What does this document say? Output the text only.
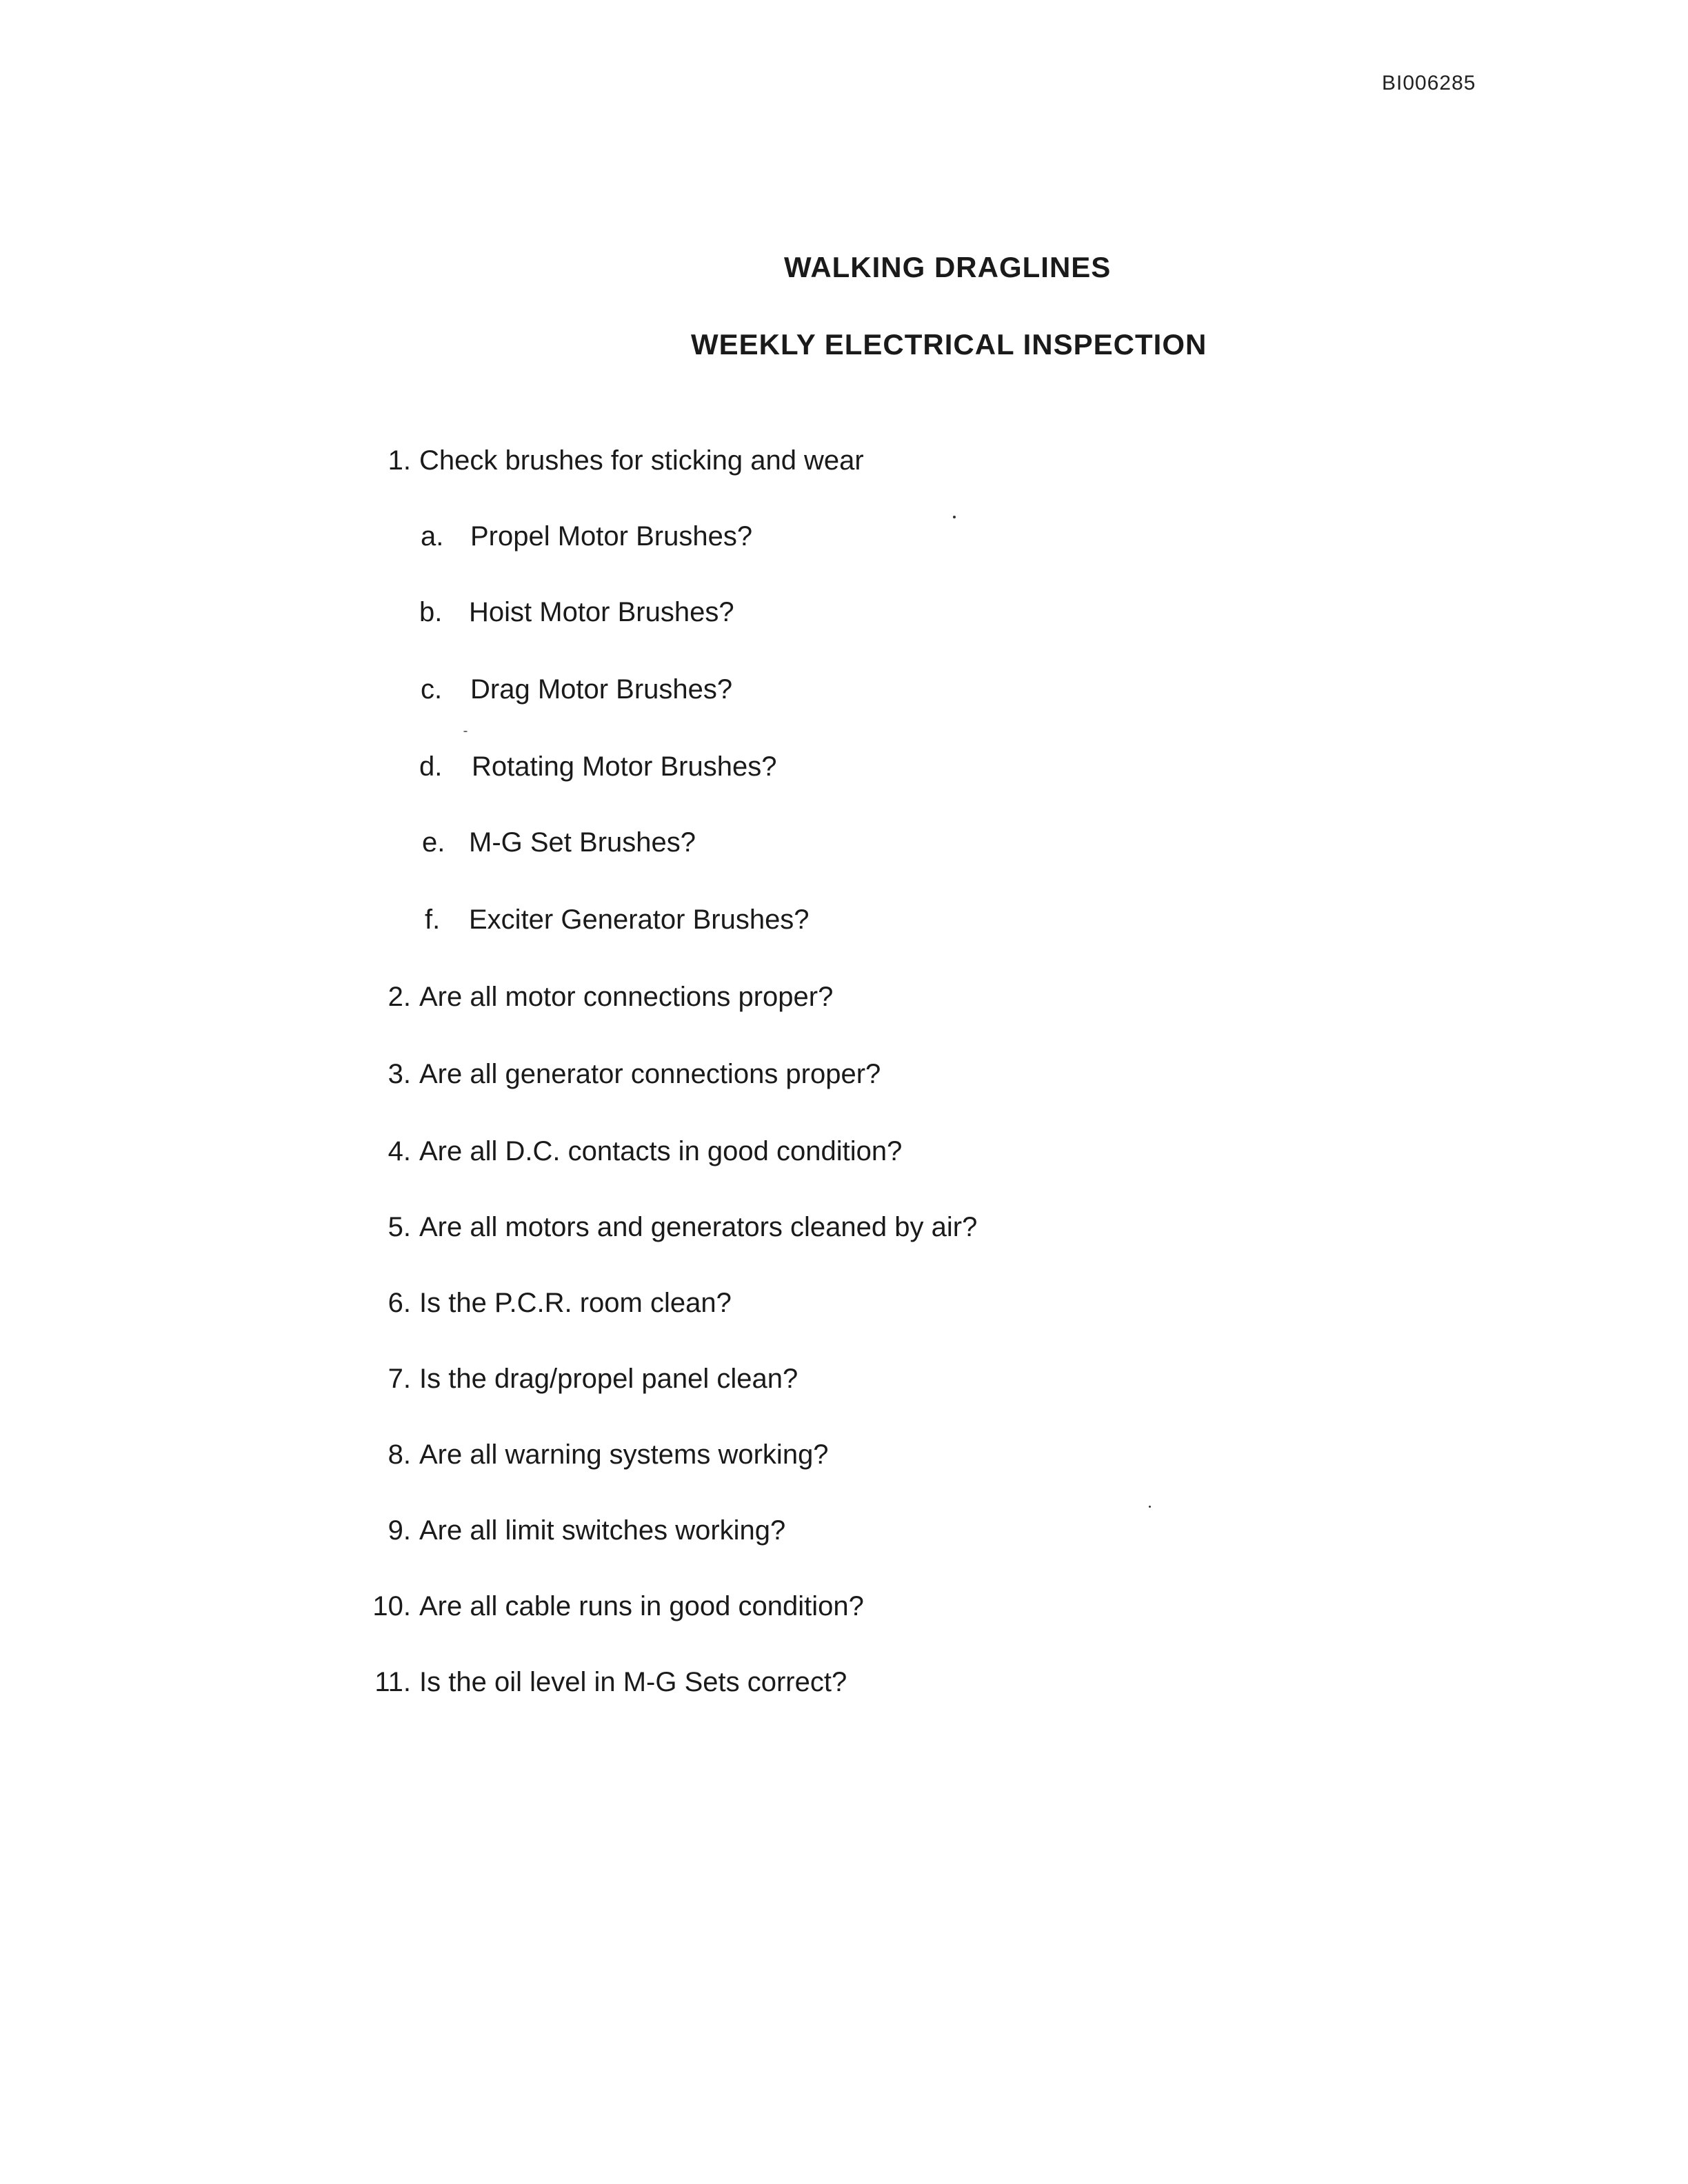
BI006285
WALKING DRAGLINES
WEEKLY ELECTRICAL INSPECTION
1. Check brushes for sticking and wear
a. Propel Motor Brushes?
b. Hoist Motor Brushes?
c. Drag Motor Brushes?
d. Rotating Motor Brushes?
e. M-G Set Brushes?
f. Exciter Generator Brushes?
2. Are all motor connections proper?
3. Are all generator connections proper?
4. Are all D.C. contacts in good condition?
5. Are all motors and generators cleaned by air?
6. Is the P.C.R. room clean?
7. Is the drag/propel panel clean?
8. Are all warning systems working?
9. Are all limit switches working?
10. Are all cable runs in good condition?
11. Is the oil level in M-G Sets correct?
